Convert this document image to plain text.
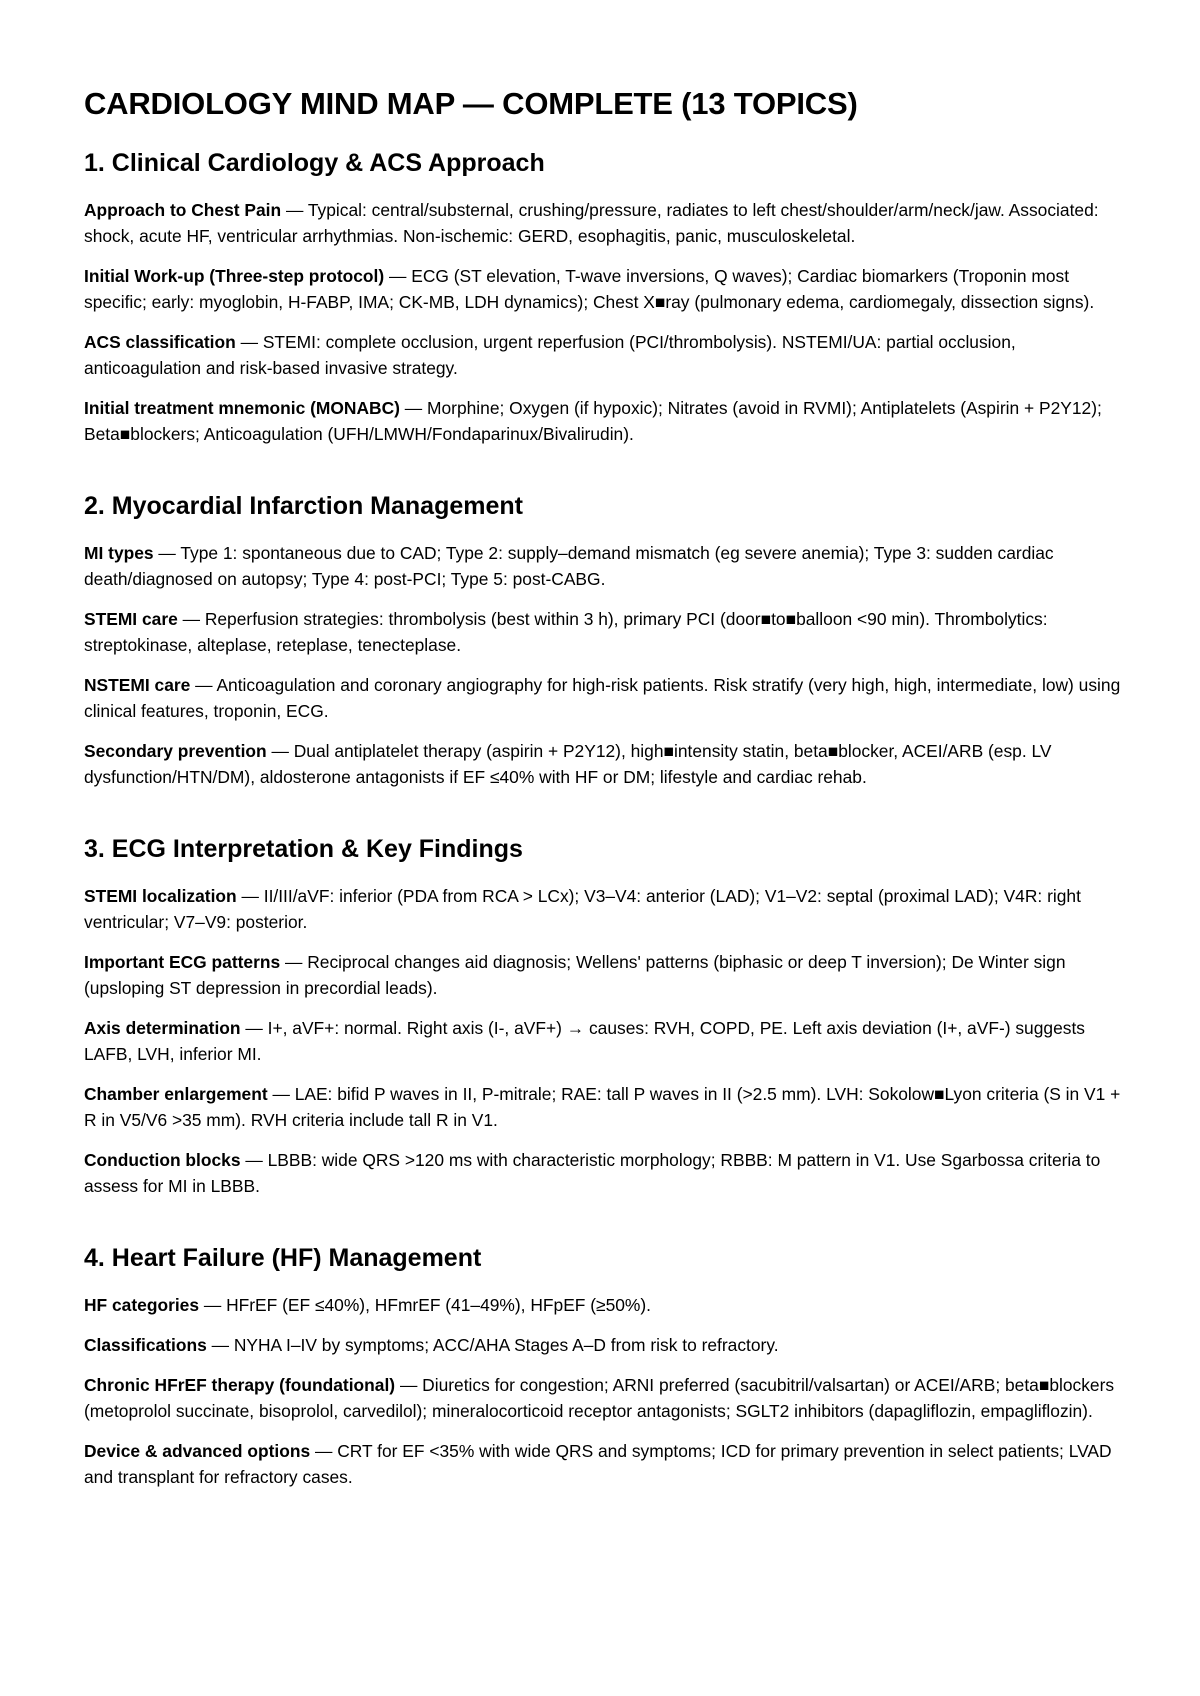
CARDIOLOGY MIND MAP — COMPLETE (13 TOPICS)
1. Clinical Cardiology & ACS Approach

Approach to Chest Pain — Typical: central/substernal, crushing/pressure, radiates to left chest/shoulder/arm/neck/jaw. Associated: shock, acute HF, ventricular arrhythmias. Non-ischemic: GERD, esophagitis, panic, musculoskeletal.

Initial Work-up (Three-step protocol) — ECG (ST elevation, T-wave inversions, Q waves); Cardiac biomarkers (Troponin most specific; early: myoglobin, H-FABP, IMA; CK-MB, LDH dynamics); Chest X■ray (pulmonary edema, cardiomegaly, dissection signs).

ACS classification — STEMI: complete occlusion, urgent reperfusion (PCI/thrombolysis). NSTEMI/UA: partial occlusion, anticoagulation and risk-based invasive strategy.

Initial treatment mnemonic (MONABC) — Morphine; Oxygen (if hypoxic); Nitrates (avoid in RVMI); Antiplatelets (Aspirin + P2Y12); Beta■blockers; Anticoagulation (UFH/LMWH/Fondaparinux/Bivalirudin).

2. Myocardial Infarction Management

MI types — Type 1: spontaneous due to CAD; Type 2: supply–demand mismatch (eg severe anemia); Type 3: sudden cardiac death/diagnosed on autopsy; Type 4: post-PCI; Type 5: post-CABG.

STEMI care — Reperfusion strategies: thrombolysis (best within 3 h), primary PCI (door■to■balloon <90 min). Thrombolytics: streptokinase, alteplase, reteplase, tenecteplase.

NSTEMI care — Anticoagulation and coronary angiography for high-risk patients. Risk stratify (very high, high, intermediate, low) using clinical features, troponin, ECG.

Secondary prevention — Dual antiplatelet therapy (aspirin + P2Y12), high■intensity statin, beta■blocker, ACEI/ARB (esp. LV dysfunction/HTN/DM), aldosterone antagonists if EF ≤40% with HF or DM; lifestyle and cardiac rehab.

3. ECG Interpretation & Key Findings

STEMI localization — II/III/aVF: inferior (PDA from RCA > LCx); V3–V4: anterior (LAD); V1–V2: septal (proximal LAD); V4R: right ventricular; V7–V9: posterior.

Important ECG patterns — Reciprocal changes aid diagnosis; Wellens' patterns (biphasic or deep T inversion); De Winter sign (upsloping ST depression in precordial leads).

Axis determination — I+, aVF+: normal. Right axis (I-, aVF+) → causes: RVH, COPD, PE. Left axis deviation (I+, aVF-) suggests LAFB, LVH, inferior MI.

Chamber enlargement — LAE: bifid P waves in II, P-mitrale; RAE: tall P waves in II (>2.5 mm). LVH: Sokolow■Lyon criteria (S in V1 + R in V5/V6 >35 mm). RVH criteria include tall R in V1.

Conduction blocks — LBBB: wide QRS >120 ms with characteristic morphology; RBBB: M pattern in V1. Use Sgarbossa criteria to assess for MI in LBBB.

4. Heart Failure (HF) Management

HF categories — HFrEF (EF ≤40%), HFmrEF (41–49%), HFpEF (≥50%).

Classifications — NYHA I–IV by symptoms; ACC/AHA Stages A–D from risk to refractory.

Chronic HFrEF therapy (foundational) — Diuretics for congestion; ARNI preferred (sacubitril/valsartan) or ACEI/ARB; beta■blockers (metoprolol succinate, bisoprolol, carvedilol); mineralocorticoid receptor antagonists; SGLT2 inhibitors (dapagliflozin, empagliflozin).

Device & advanced options — CRT for EF <35% with wide QRS and symptoms; ICD for primary prevention in select patients; LVAD and transplant for refractory cases.
